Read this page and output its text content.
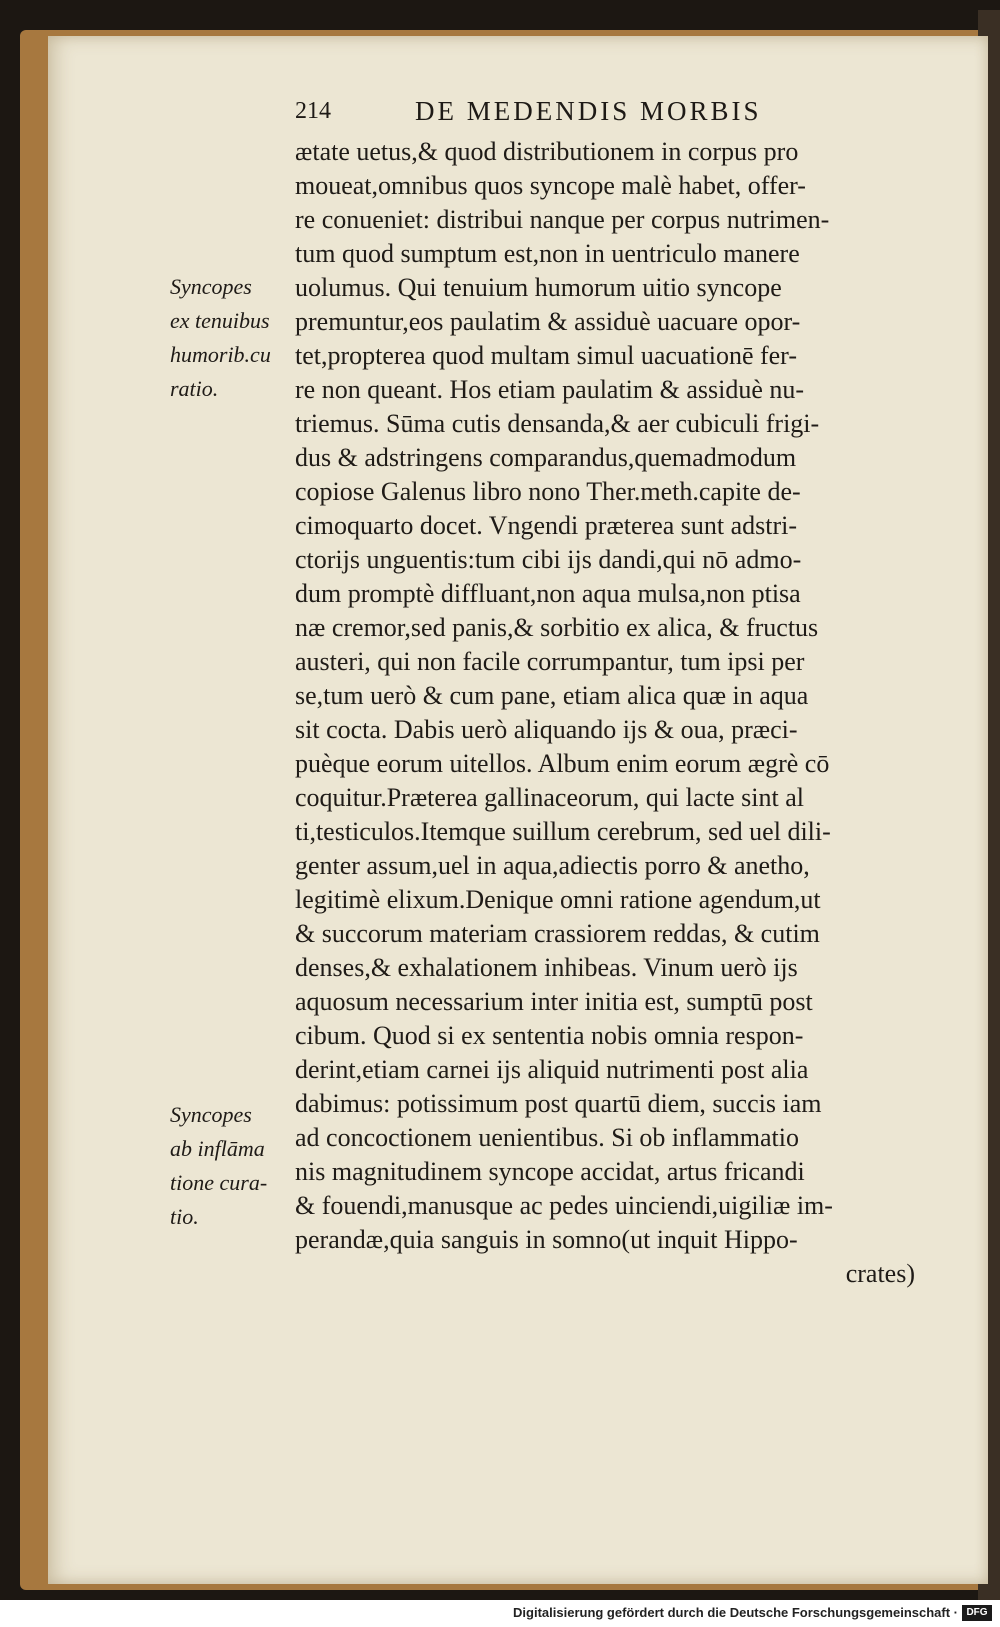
214	DE MEDENDIS MORBIS
ætate uetus,& quod distributionem in corpus pro
moueat,omnibus quos syncope malè habet, offer-
re conueniet: distribui nanque per corpus nutrimen-
tum quod sumptum est,non in uentriculo manere
uolumus. Qui tenuium humorum uitio syncope
premuntur,eos paulatim & assiduè uacuare opor-
tet,propterea quod multam simul uacuationē fer-
re non queant. Hos etiam paulatim & assiduè nu-
triemus. Sūma cutis densanda,& aer cubiculi frigi-
dus & adstringens comparandus,quemadmodum
copiose Galenus libro nono Ther.meth.capite de-
cimoquarto docet. Vngendi præterea sunt adstri-
ctorijs unguentis:tum cibi ijs dandi,qui nō admo-
dum promptè diffluant,non aqua mulsa,non ptisa
næ cremor,sed panis,& sorbitio ex alica, & fructus
austeri, qui non facile corrumpantur, tum ipsi per
se,tum uerò & cum pane, etiam alica quæ in aqua
sit cocta. Dabis uerò aliquando ijs & oua, præci-
puèque eorum uitellos. Album enim eorum ægrè cō
coquitur.Præterea gallinaceorum, qui lacte sint al
ti,testiculos.Itemque suillum cerebrum, sed uel dili-
genter assum,uel in aqua,adiectis porro & anetho,
legitimè elixum.Denique omni ratione agendum,ut
& succorum materiam crassiorem reddas, & cutim
denses,& exhalationem inhibeas. Vinum uerò ijs
aquosum necessarium inter initia est, sumptū post
cibum. Quod si ex sententia nobis omnia respon-
derint,etiam carnei ijs aliquid nutrimenti post alia
dabimus: potissimum post quartū diem, succis iam
ad concoctionem uenientibus. Si ob inflammatio
nis magnitudinem syncope accidat, artus fricandi
& fouendi,manusque ac pedes uinciendi,uigiliæ im-
perandæ,quia sanguis in somno(ut inquit Hippo-
crates)
Syncopes
ex tenuibus
humorib.cu
ratio.
Syncopes
ab inflāma
tione cura-
tio.
Digitalisierung gefördert durch die Deutsche Forschungsgemeinschaft · DFG
